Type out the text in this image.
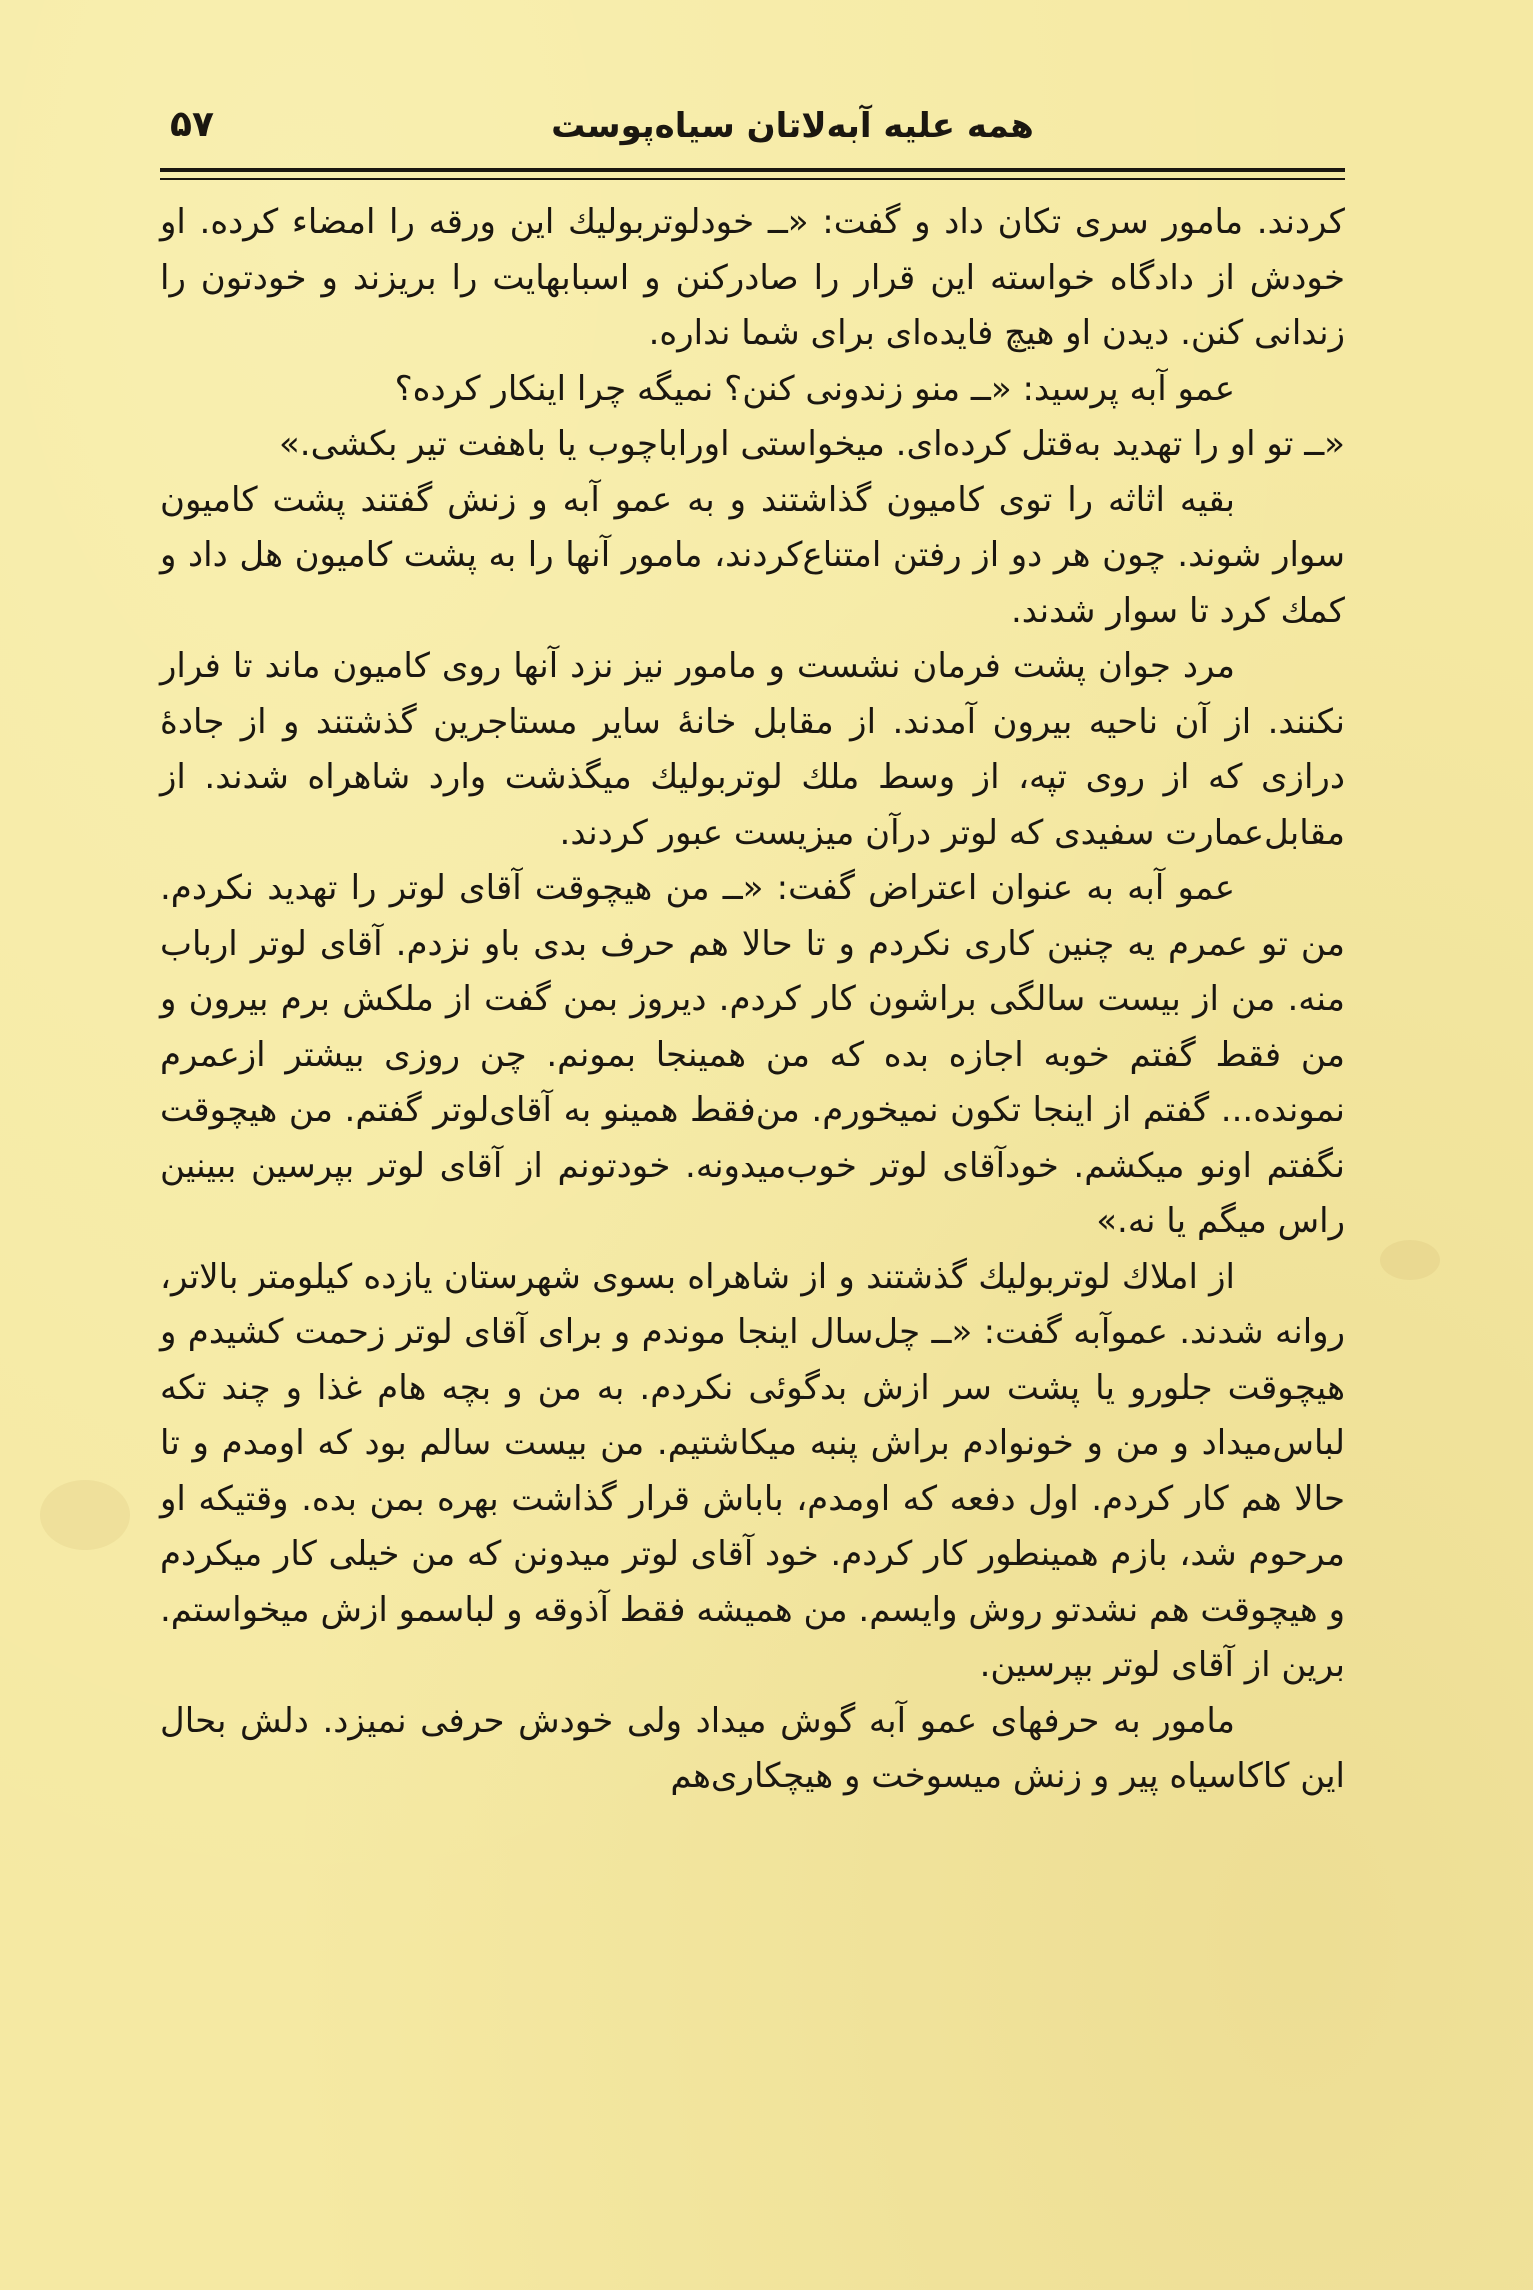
۵۷	همه علیه آبه‌لاتان سیاه‌پوست

کردند. مامور سری تکان داد و گفت: «ــ خودلوتربولیك این ورقه را امضاء کرده. او خودش از دادگاه خواسته این قرار را صادرکنن و اسبابهایت را بریزند و خودتون را زندانی کنن. دیدن او هیچ فایده‌ای برای شما نداره.

عمو آبه پرسید: «ــ منو زندونی کنن؟ نمیگه چرا اینکار کرده؟

«ــ تو او را تهدید به‌قتل کرده‌ای. میخواستی اوراباچوب یا باهفت تیر بکشی.»

بقیه اثاثه را توی کامیون گذاشتند و به عمو آبه و زنش گفتند پشت کامیون سوار شوند. چون هر دو از رفتن امتناع‌کردند، مامور آنها را به پشت کامیون هل داد و کمك کرد تا سوار شدند.

مرد جوان پشت فرمان نشست و مامور نیز نزد آنها روی کامیون ماند تا فرار نکنند. از آن ناحیه بیرون آمدند. از مقابل خانهٔ سایر مستاجرین گذشتند و از جادهٔ درازی که از روی تپه، از وسط ملك لوتربولیك میگذشت وارد شاهراه شدند. از مقابل‌عمارت سفیدی که لوتر درآن میزیست عبور کردند.

عمو آبه به عنوان اعتراض گفت: «ــ من هیچوقت آقای لوتر را تهدید نکردم. من تو عمرم یه چنین کاری نکردم و تا حالا هم حرف بدی باو نزدم. آقای لوتر ارباب منه. من از بیست سالگی براشون کار کردم. دیروز بمن گفت از ملکش برم بیرون و من فقط گفتم خوبه اجازه بده که من همینجا بمونم. چن روزی بیشتر ازعمرم نمونده... گفتم از اینجا تکون نمیخورم. من‌فقط همینو به آقای‌لوتر گفتم. من هیچوقت نگفتم اونو میکشم. خودآقای لوتر خوب‌میدونه. خودتونم از آقای لوتر بپرسین ببینین راس میگم یا نه.»

از املاك لوتربولیك گذشتند و از شاهراه بسوی شهرستان یازده کیلومتر بالاتر، روانه شدند. عموآبه گفت: «ــ چل‌سال اینجا موندم و برای آقای لوتر زحمت کشیدم و هیچوقت جلورو یا پشت سر ازش بدگوئی نکردم. به من و بچه هام غذا و چند تکه لباس‌میداد و من و خونوادم براش پنبه میکاشتیم. من بیست سالم بود که اومدم و تا حالا هم کار کردم. اول دفعه که اومدم، باباش قرار گذاشت بهره بمن بده. وقتیکه او مرحوم شد، بازم همینطور کار کردم. خود آقای لوتر میدونن که من خیلی کار میکردم و هیچوقت هم نشدتو روش وایسم. من همیشه فقط آذوقه و لباسمو ازش میخواستم. برین از آقای لوتر بپرسین.

مامور به حرفهای عمو آبه گوش میداد ولی خودش حرفی نمیزد. دلش بحال این کاکاسیاه پیر و زنش میسوخت و هیچکاری‌هم
